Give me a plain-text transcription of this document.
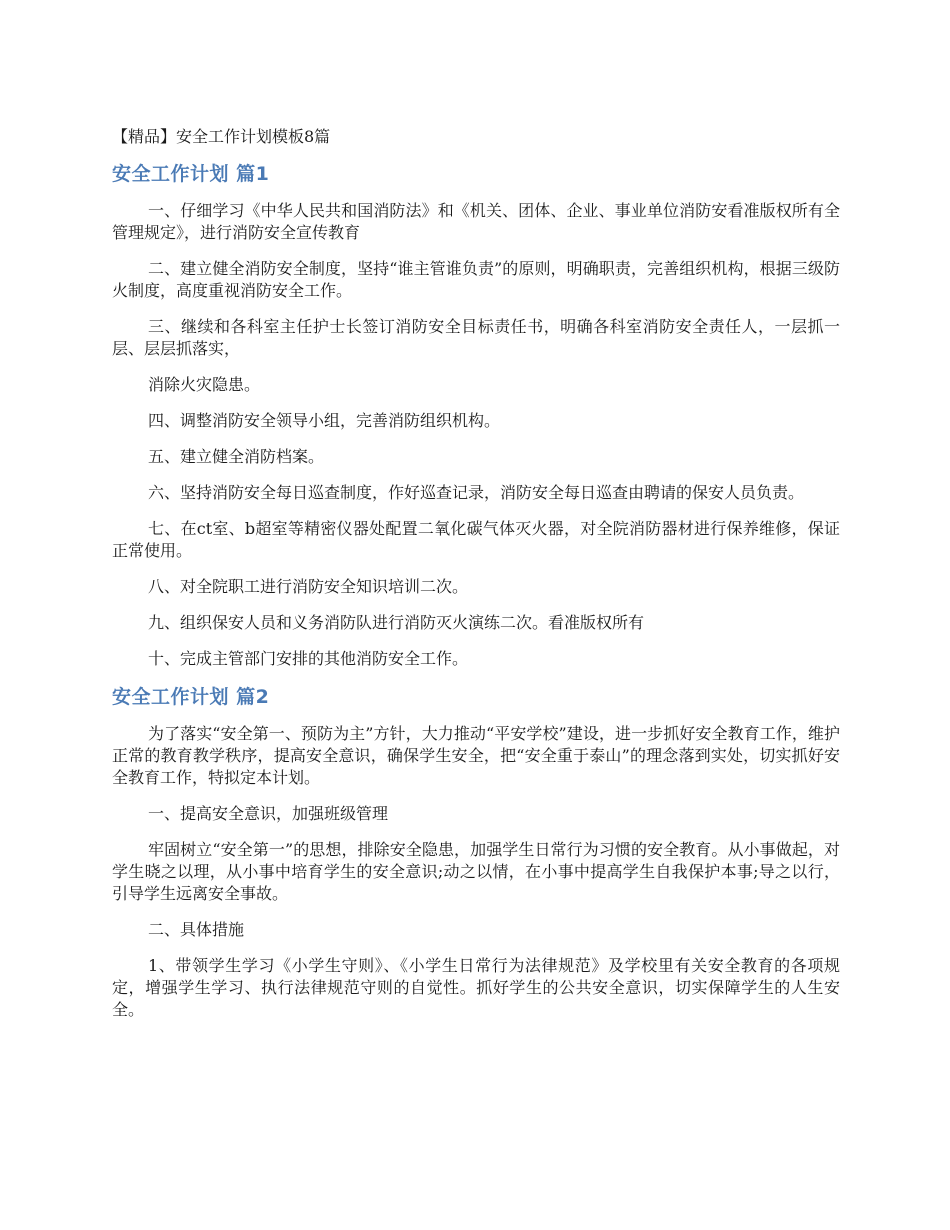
【精品】安全工作计划模板8篇
安全工作计划 篇1

一、仔细学习《中华人民共和国消防法》和《机关、团体、企业、事业单位消防安看准版权所有全管理规定》，进行消防安全宣传教育

二、建立健全消防安全制度，坚持“谁主管谁负责”的原则，明确职责，完善组织机构，根据三级防火制度，高度重视消防安全工作。

三、继续和各科室主任护士长签订消防安全目标责任书，明确各科室消防安全责任人，一层抓一层、层层抓落实，

消除火灾隐患。

四、调整消防安全领导小组，完善消防组织机构。

五、建立健全消防档案。

六、坚持消防安全每日巡查制度，作好巡查记录，消防安全每日巡查由聘请的保安人员负责。

七、在ct室、b超室等精密仪器处配置二氧化碳气体灭火器，对全院消防器材进行保养维修，保证正常使用。

八、对全院职工进行消防安全知识培训二次。

九、组织保安人员和义务消防队进行消防灭火演练二次。看准版权所有

十、完成主管部门安排的其他消防安全工作。

安全工作计划 篇2

为了落实“安全第一、预防为主”方针，大力推动“平安学校”建设，进一步抓好安全教育工作，维护正常的教育教学秩序，提高安全意识，确保学生安全，把“安全重于泰山”的理念落到实处，切实抓好安全教育工作，特拟定本计划。

一、提高安全意识，加强班级管理

牢固树立“安全第一”的思想，排除安全隐患，加强学生日常行为习惯的安全教育。从小事做起，对学生晓之以理，从小事中培育学生的安全意识;动之以情，在小事中提高学生自我保护本事;导之以行，引导学生远离安全事故。

二、具体措施

1、带领学生学习《小学生守则》、《小学生日常行为法律规范》及学校里有关安全教育的各项规定，增强学生学习、执行法律规范守则的自觉性。抓好学生的公共安全意识，切实保障学生的人生安全。
